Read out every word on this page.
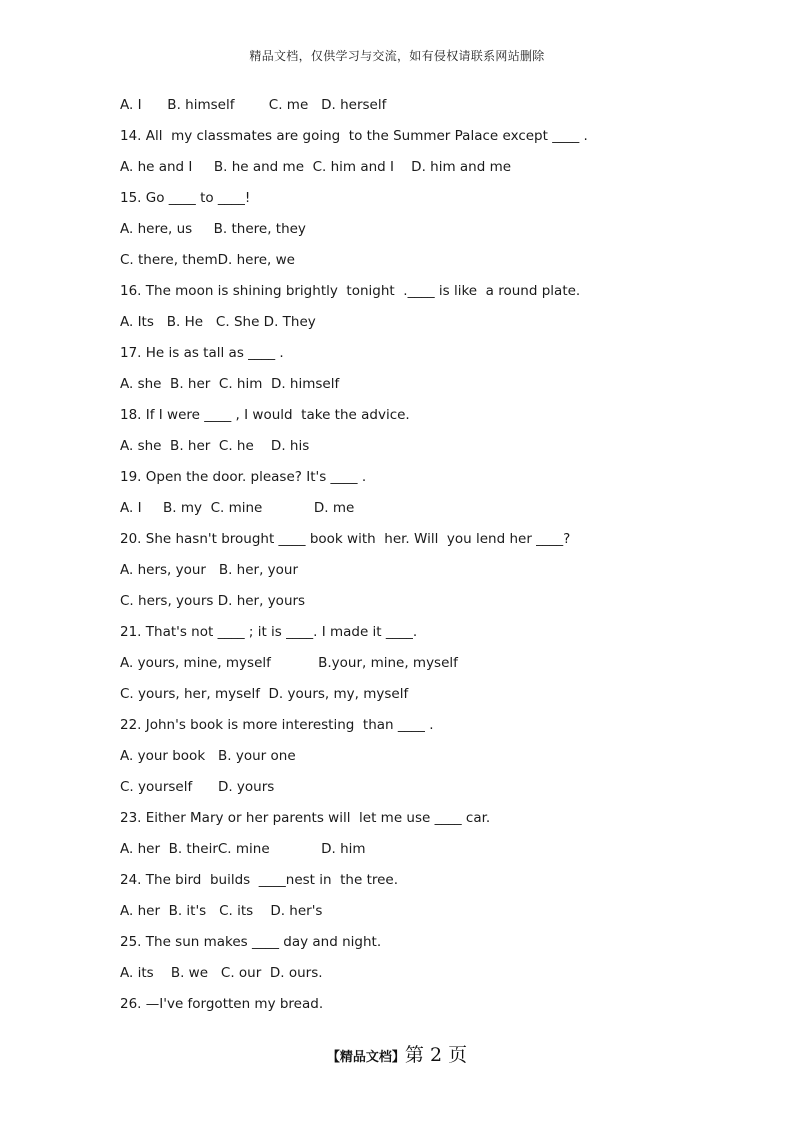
精品文档，仅供学习与交流，如有侵权请联系网站删除
A. I      B. himself        C. me   D. herself
14. All  my classmates are going  to the Summer Palace except ____ .
A. he and I     B. he and me  C. him and I    D. him and me
15. Go ____ to ____!
A. here, us     B. there, they
C. there, themD. here, we
16. The moon is shining brightly  tonight  .____ is like  a round plate.
A. Its   B. He   C. She D. They
17. He is as tall as ____ .
A. she  B. her  C. him  D. himself
18. If I were ____ , I would  take the advice.
A. she  B. her  C. he    D. his
19. Open the door. please? It's ____ .
A. I     B. my  C. mine            D. me
20. She hasn't brought ____ book with  her. Will  you lend her ____?
A. hers, your   B. her, your
C. hers, yours D. her, yours
21. That's not ____ ; it is ____. I made it ____.
A. yours, mine, myself           B.your, mine, myself
C. yours, her, myself  D. yours, my, myself
22. John's book is more interesting  than ____ .
A. your book   B. your one
C. yourself      D. yours
23. Either Mary or her parents will  let me use ____ car.
A. her  B. theirC. mine            D. him
24. The bird  builds  ____nest in  the tree.
A. her  B. it's   C. its    D. her's
25. The sun makes ____ day and night.
A. its    B. we   C. our  D. ours.
26. —I've forgotten my bread.
【精品文档】第 2 页
